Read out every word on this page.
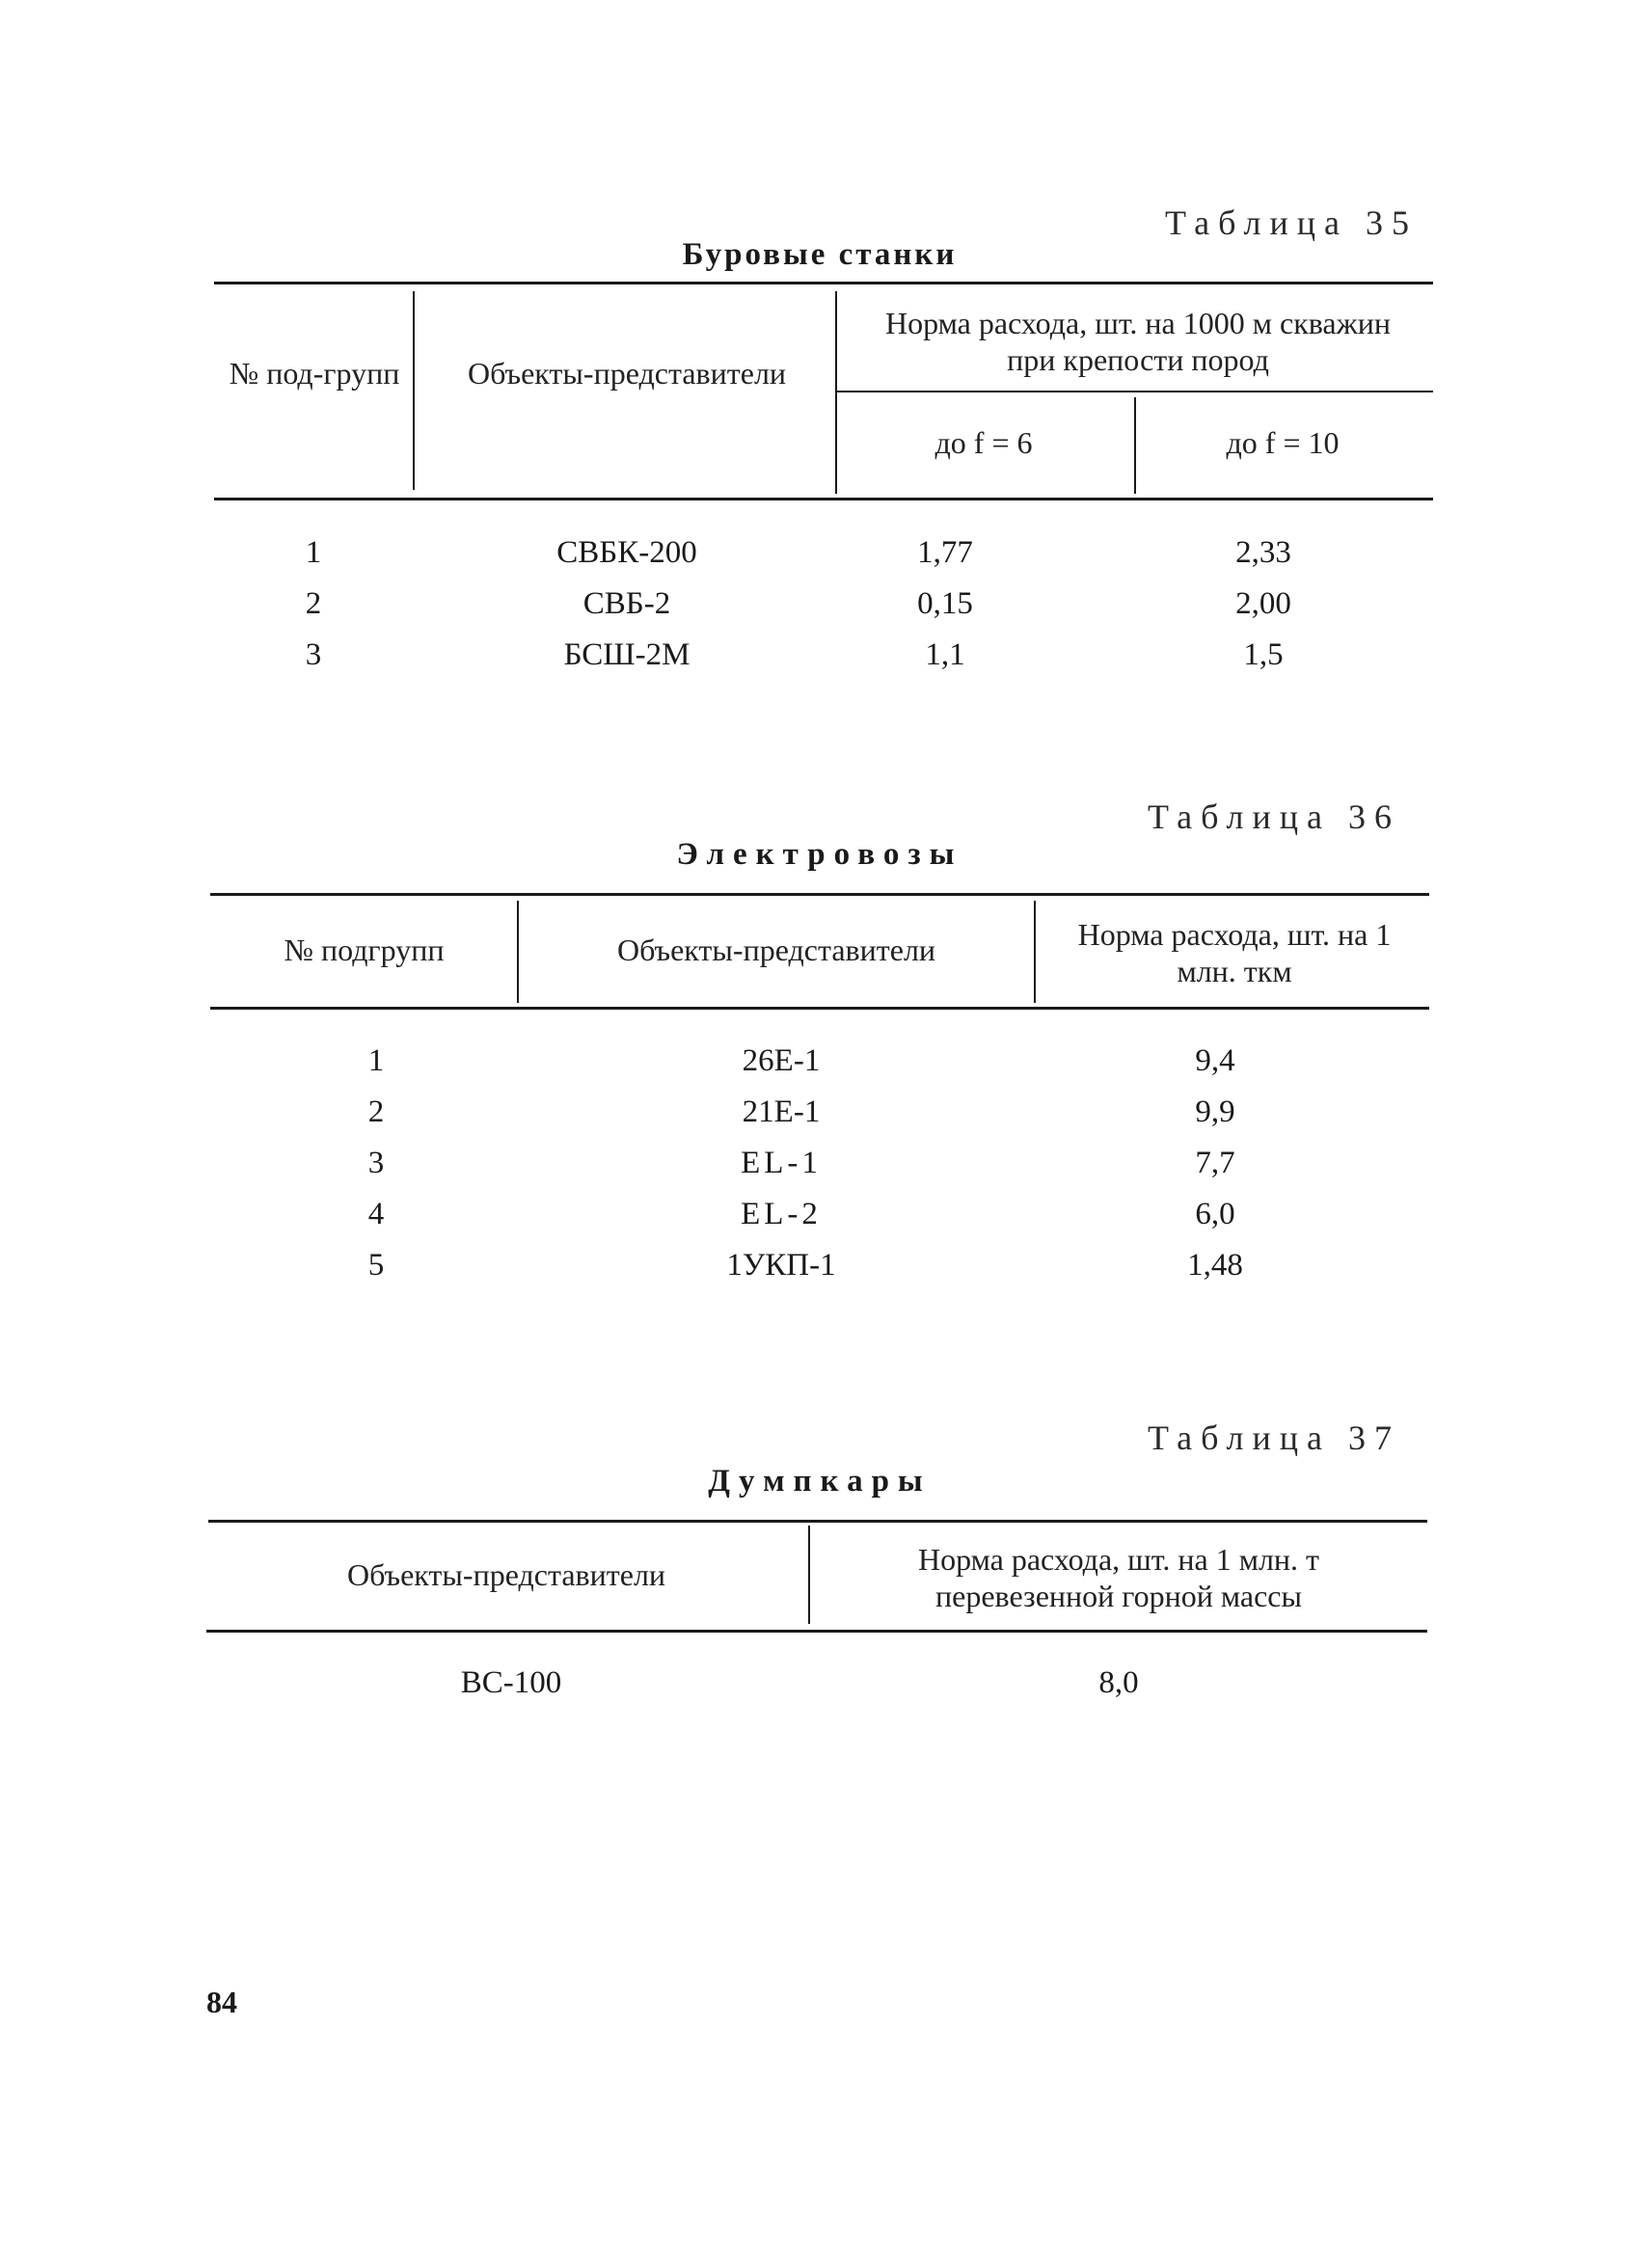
Таблица 35
Буровые станки
№ под-групп	Объекты-представители
Норма расхода, шт. на 1000 м скважин при крепости пород
до f = 6	до f = 10
1	СВБК-200	1,77	2,33
2	СВБ-2	0,15	2,00
3	БСШ-2М	1,1	1,5
Таблица 36
Электровозы
№ подгрупп	Объекты-представители	Норма расхода, шт. на 1 млн. ткм
1	26E-1	9,4
2	21E-1	9,9
3	EL-1	7,7
4	EL-2	6,0
5	1УКП-1	1,48
Таблица 37
Думпкары
Объекты-представители	Норма расхода, шт. на 1 млн. т перевезенной горной массы
ВС-100	8,0
84
